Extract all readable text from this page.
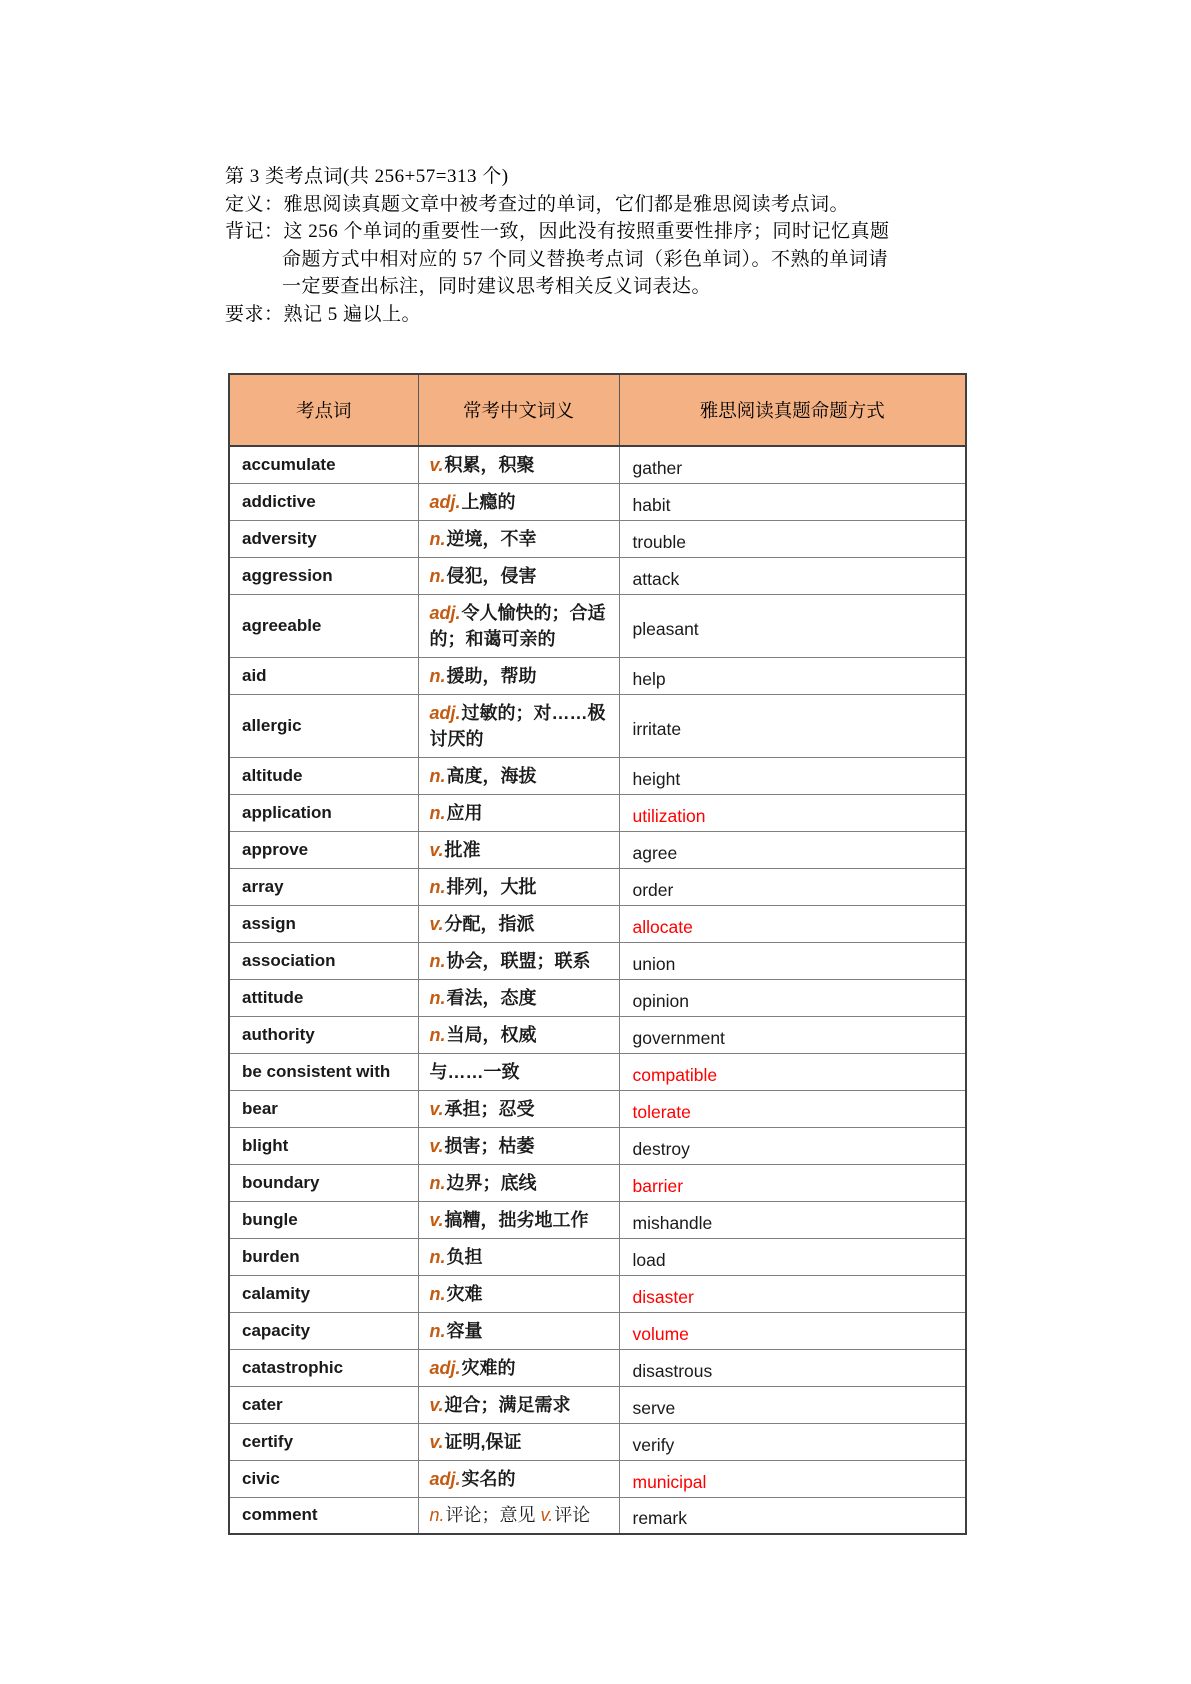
第 3 类考点词(共 256+57=313 个)
定义：雅思阅读真题文章中被考查过的单词，它们都是雅思阅读考点词。
背记：这 256 个单词的重要性一致，因此没有按照重要性排序；同时记忆真题
命题方式中相对应的 57 个同义替换考点词（彩色单词）。不熟的单词请
一定要查出标注，同时建议思考相关反义词表达。
要求：熟记 5 遍以上。
考点词	常考中文词义	雅思阅读真题命题方式
accumulate	v.积累，积聚	gather
addictive	adj.上瘾的	habit
adversity	n.逆境，不幸	trouble
aggression	n.侵犯，侵害	attack
agreeable	adj.令人愉快的；合适的；和蔼可亲的	pleasant
aid	n.援助，帮助	help
allergic	adj.过敏的；对……极讨厌的	irritate
altitude	n.高度，海拔	height
application	n.应用	utilization
approve	v.批准	agree
array	n.排列，大批	order
assign	v.分配，指派	allocate
association	n.协会，联盟；联系	union
attitude	n.看法，态度	opinion
authority	n.当局，权威	government
be consistent with	与……一致	compatible
bear	v.承担；忍受	tolerate
blight	v.损害；枯萎	destroy
boundary	n.边界；底线	barrier
bungle	v.搞糟，拙劣地工作	mishandle
burden	n.负担	load
calamity	n.灾难	disaster
capacity	n.容量	volume
catastrophic	adj.灾难的	disastrous
cater	v.迎合；满足需求	serve
certify	v.证明,保证	verify
civic	adj.实名的	municipal
comment	n.评论；意见 v.评论	remark
